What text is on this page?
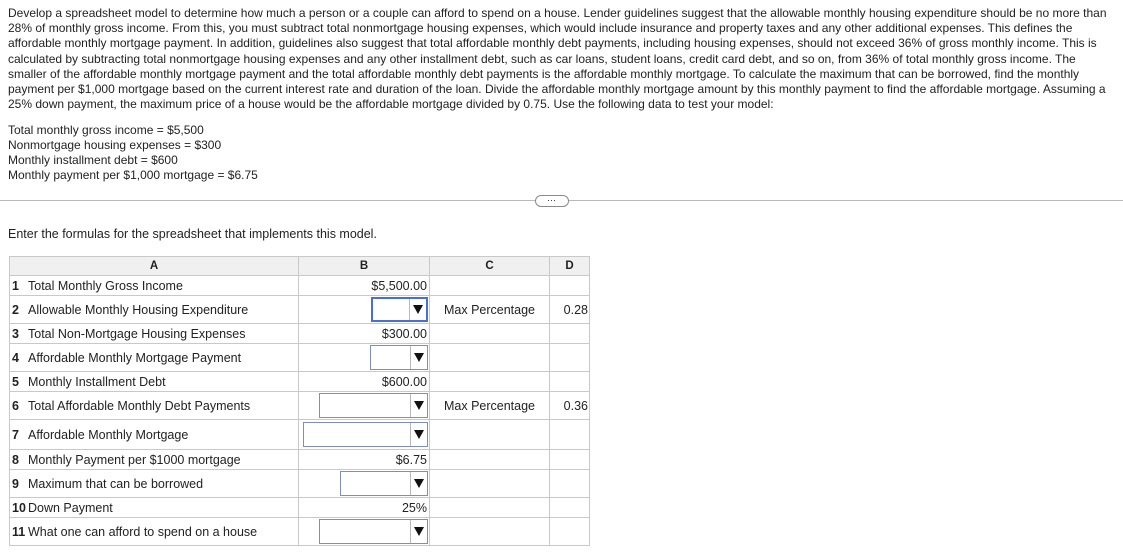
Develop a spreadsheet model to determine how much a person or a couple can afford to spend on a house. Lender guidelines suggest that the allowable monthly housing expenditure should be no more than 28% of monthly gross income. From this, you must subtract total nonmortgage housing expenses, which would include insurance and property taxes and any other additional expenses. This defines the affordable monthly mortgage payment. In addition, guidelines also suggest that total affordable monthly debt payments, including housing expenses, should not exceed 36% of gross monthly income. This is calculated by subtracting total nonmortgage housing expenses and any other installment debt, such as car loans, student loans, credit card debt, and so on, from 36% of total monthly gross income. The smaller of the affordable monthly mortgage payment and the total affordable monthly debt payments is the affordable monthly mortgage. To calculate the maximum that can be borrowed, find the monthly payment per $1,000 mortgage based on the current interest rate and duration of the loan. Divide the affordable monthly mortgage amount by this monthly payment to find the affordable mortgage. Assuming a 25% down payment, the maximum price of a house would be the affordable mortgage divided by 0.75. Use the following data to test your model:

Total monthly gross income = $5,500
Nonmortgage housing expenses = $300
Monthly installment debt = $600
Monthly payment per $1,000 mortgage = $6.75
⋯

Enter the formulas for the spreadsheet that implements this model.

A	B	C	D

1 Total Monthly Gross Income	$5,500.00		

2 Allowable Monthly Housing Expenditure		Max Percentage	0.28

3 Total Non-Mortgage Housing Expenses	$300.00		

4 Affordable Monthly Mortgage Payment			

5 Monthly Installment Debt	$600.00		

6 Total Affordable Monthly Debt Payments		Max Percentage	0.36

7 Affordable Monthly Mortgage			

8 Monthly Payment per $1000 mortgage	$6.75		

9 Maximum that can be borrowed			

10 Down Payment	25%		

11 What one can afford to spend on a house			
